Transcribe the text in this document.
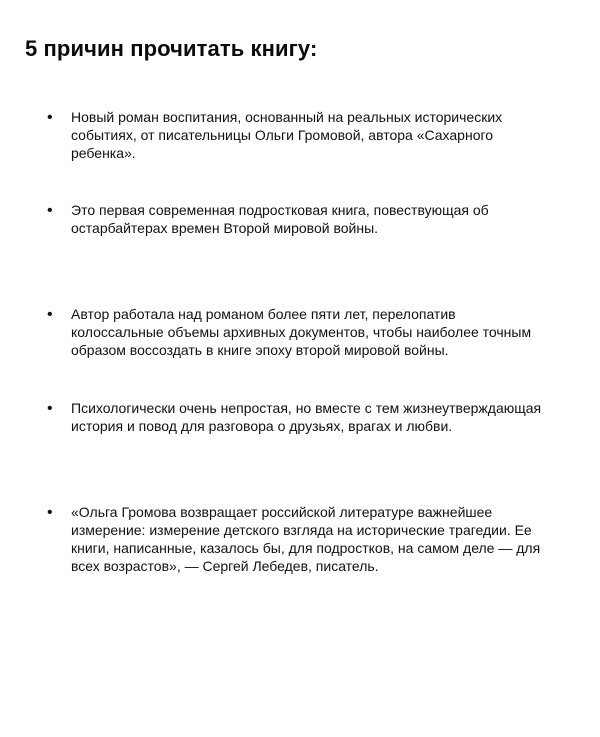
5 причин прочитать книгу:
•
Новый роман воспитания, основанный на реальных исторических
событиях, от писательницы Ольги Громовой, автора «Сахарного
ребенка».
•
Это первая современная подростковая книга, повествующая об
остарбайтерах времен Второй мировой войны.
•
Автор работала над романом более пяти лет, перелопатив
колоссальные объемы архивных документов, чтобы наиболее точным
образом воссоздать в книге эпоху второй мировой войны.
•
Психологически очень непростая, но вместе с тем жизнеутверждающая
история и повод для разговора о друзьях, врагах и любви.
•
«Ольга Громова возвращает российской литературе важнейшее
измерение: измерение детского взгляда на исторические трагедии. Ее
книги, написанные, казалось бы, для подростков, на самом деле — для
всех возрастов», — Сергей Лебедев, писатель.
